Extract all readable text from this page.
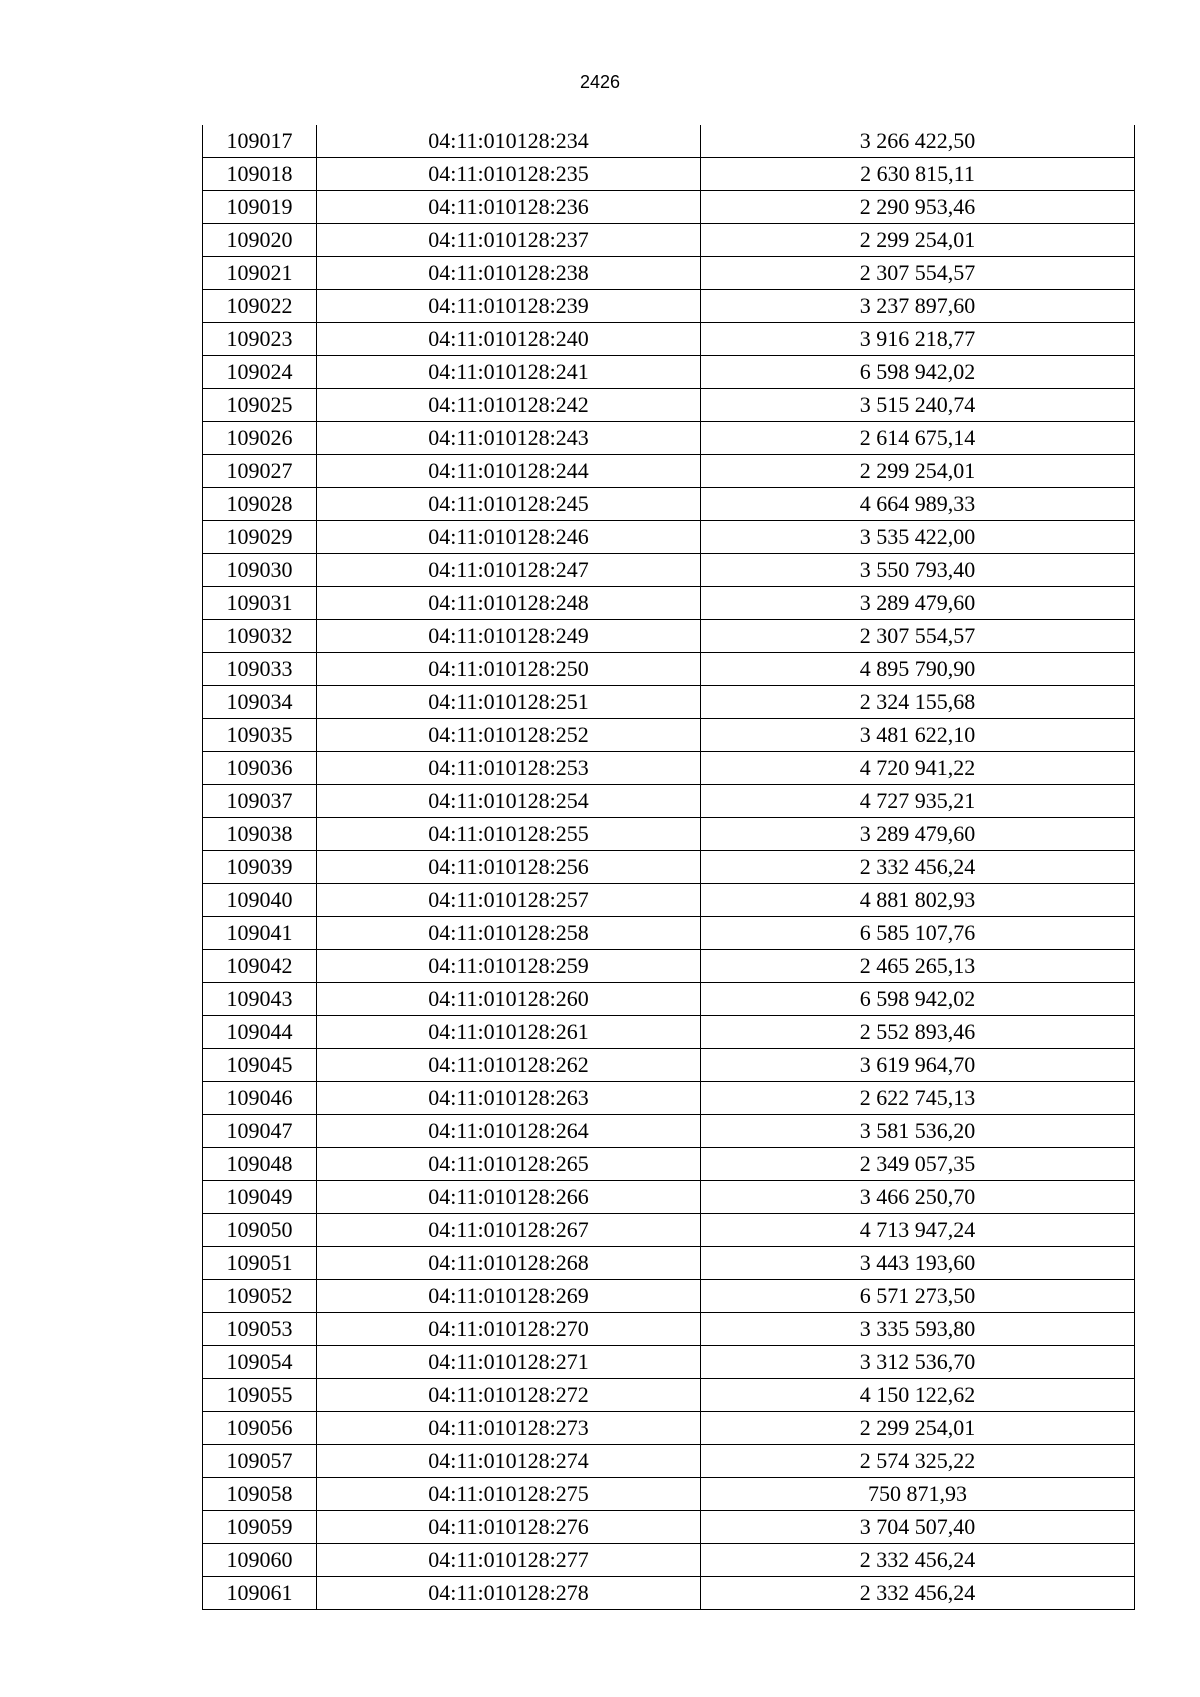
2426
109017	04:11:010128:234	3 266 422,50
109018	04:11:010128:235	2 630 815,11
109019	04:11:010128:236	2 290 953,46
109020	04:11:010128:237	2 299 254,01
109021	04:11:010128:238	2 307 554,57
109022	04:11:010128:239	3 237 897,60
109023	04:11:010128:240	3 916 218,77
109024	04:11:010128:241	6 598 942,02
109025	04:11:010128:242	3 515 240,74
109026	04:11:010128:243	2 614 675,14
109027	04:11:010128:244	2 299 254,01
109028	04:11:010128:245	4 664 989,33
109029	04:11:010128:246	3 535 422,00
109030	04:11:010128:247	3 550 793,40
109031	04:11:010128:248	3 289 479,60
109032	04:11:010128:249	2 307 554,57
109033	04:11:010128:250	4 895 790,90
109034	04:11:010128:251	2 324 155,68
109035	04:11:010128:252	3 481 622,10
109036	04:11:010128:253	4 720 941,22
109037	04:11:010128:254	4 727 935,21
109038	04:11:010128:255	3 289 479,60
109039	04:11:010128:256	2 332 456,24
109040	04:11:010128:257	4 881 802,93
109041	04:11:010128:258	6 585 107,76
109042	04:11:010128:259	2 465 265,13
109043	04:11:010128:260	6 598 942,02
109044	04:11:010128:261	2 552 893,46
109045	04:11:010128:262	3 619 964,70
109046	04:11:010128:263	2 622 745,13
109047	04:11:010128:264	3 581 536,20
109048	04:11:010128:265	2 349 057,35
109049	04:11:010128:266	3 466 250,70
109050	04:11:010128:267	4 713 947,24
109051	04:11:010128:268	3 443 193,60
109052	04:11:010128:269	6 571 273,50
109053	04:11:010128:270	3 335 593,80
109054	04:11:010128:271	3 312 536,70
109055	04:11:010128:272	4 150 122,62
109056	04:11:010128:273	2 299 254,01
109057	04:11:010128:274	2 574 325,22
109058	04:11:010128:275	750 871,93
109059	04:11:010128:276	3 704 507,40
109060	04:11:010128:277	2 332 456,24
109061	04:11:010128:278	2 332 456,24
